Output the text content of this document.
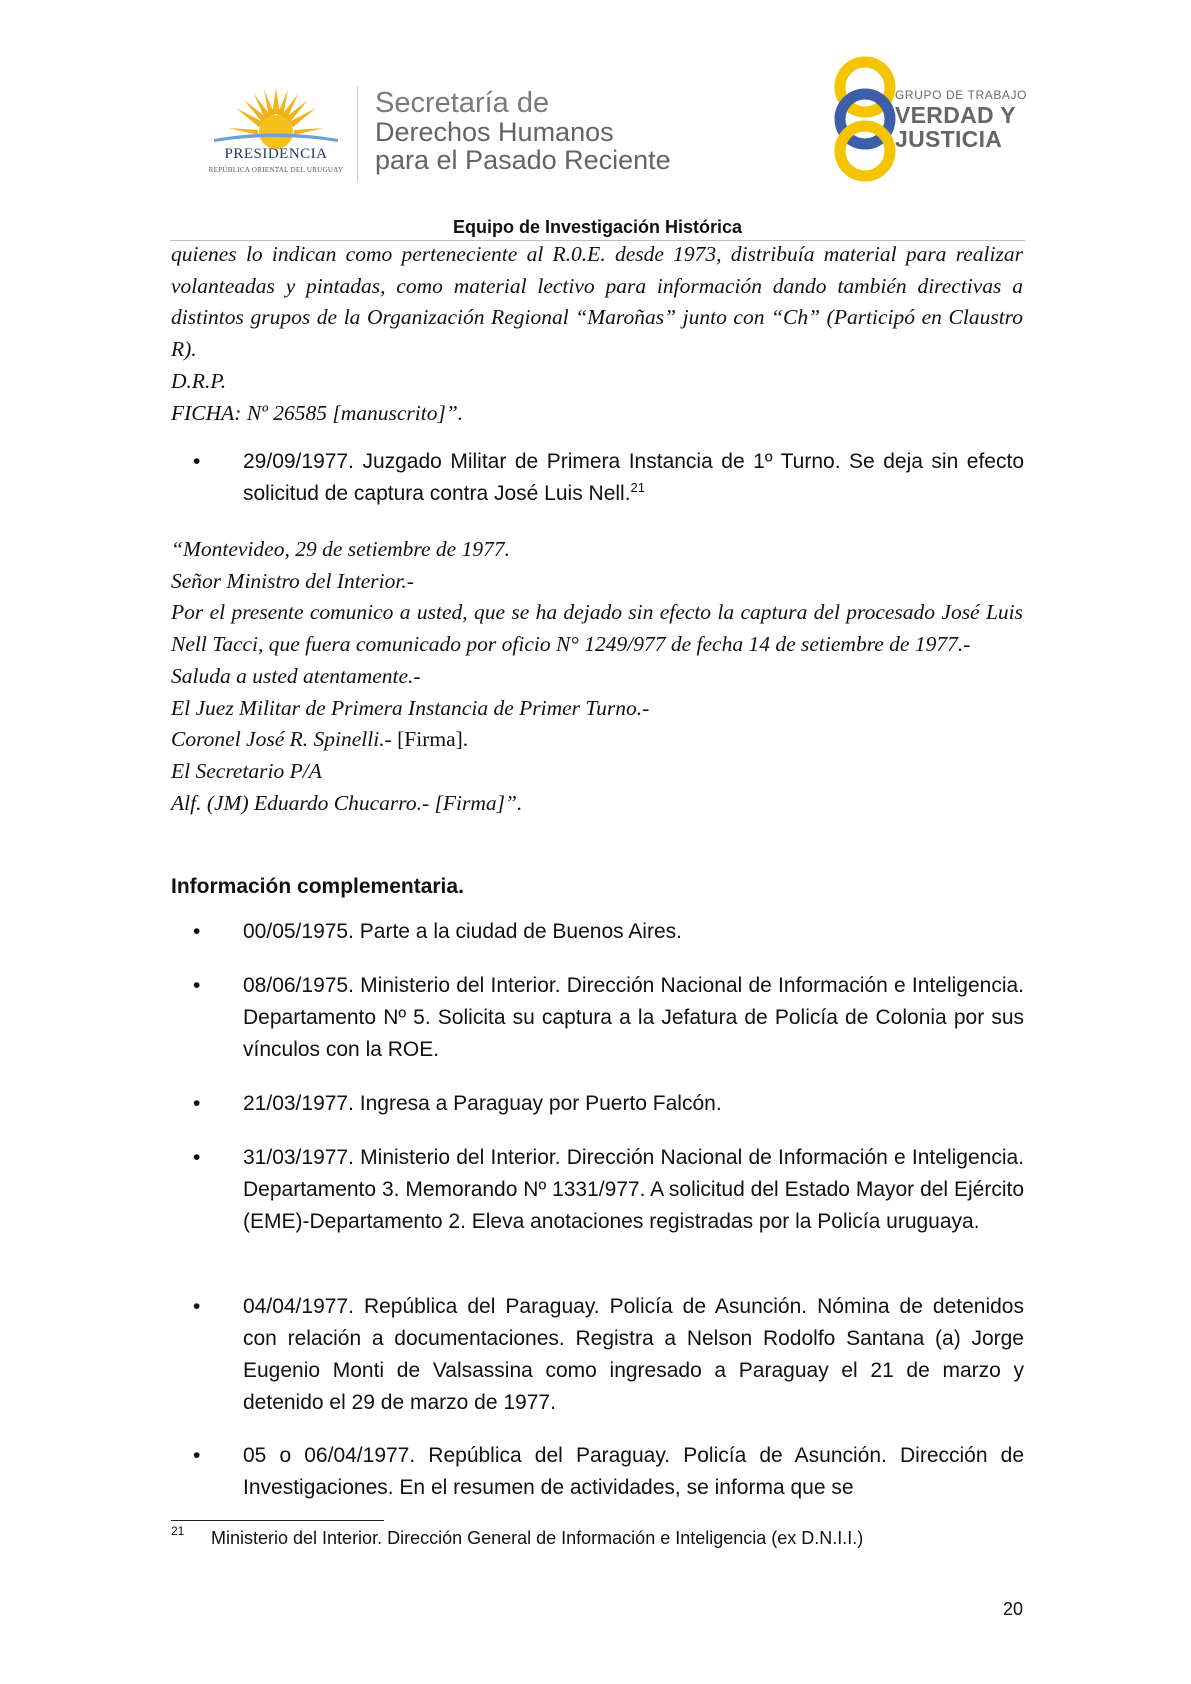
PRESIDENCIA
REPÚBLICA ORIENTAL DEL URUGUAY
Secretaría de
Derechos Humanos
para el Pasado Reciente
GRUPO DE TRABAJO
VERDAD Y
JUSTICIA
Equipo de Investigación Histórica

quienes lo indican como perteneciente al R.0.E. desde 1973, distribuía material para realizar volanteadas y pintadas, como material lectivo para información dando también directivas a distintos grupos de la Organización Regional “Maroñas” junto con “Ch” (Participó en Claustro R).

D.R.P.

FICHA: Nº 26585 [manuscrito]”.

• 29/09/1977. Juzgado Militar de Primera Instancia de 1º Turno. Se deja sin efecto solicitud de captura contra José Luis Nell.$^{21}$

“Montevideo, 29 de setiembre de 1977.

Señor Ministro del Interior.-

Por el presente comunico a usted, que se ha dejado sin efecto la captura del procesado José Luis Nell Tacci, que fuera comunicado por oficio N° 1249/977 de fecha 14 de setiembre de 1977.-

Saluda a usted atentamente.-

El Juez Militar de Primera Instancia de Primer Turno.-

Coronel José R. Spinelli.- [Firma].

El Secretario P/A

Alf. (JM) Eduardo Chucarro.- [Firma]”.

Información complementaria.
• 00/05/1975. Parte a la ciudad de Buenos Aires.

• 08/06/1975. Ministerio del Interior. Dirección Nacional de Información e Inteligencia. Departamento Nº 5. Solicita su captura a la Jefatura de Policía de Colonia por sus vínculos con la ROE.

• 21/03/1977. Ingresa a Paraguay por Puerto Falcón.

• 31/03/1977. Ministerio del Interior. Dirección Nacional de Información e Inteligencia. Departamento 3. Memorando Nº 1331/977. A solicitud del Estado Mayor del Ejército (EME)-Departamento 2. Eleva anotaciones registradas por la Policía uruguaya.

• 04/04/1977. República del Paraguay. Policía de Asunción. Nómina de detenidos con relación a documentaciones. Registra a Nelson Rodolfo Santana (a) Jorge Eugenio Monti de Valsassina como ingresado a Paraguay el 21 de marzo y detenido el 29 de marzo de 1977.

• 05 o 06/04/1977. República del Paraguay. Policía de Asunción. Dirección de Investigaciones. En el resumen de actividades, se informa que se

21 Ministerio del Interior. Dirección General de Información e Inteligencia (ex D.N.I.I.)
20
